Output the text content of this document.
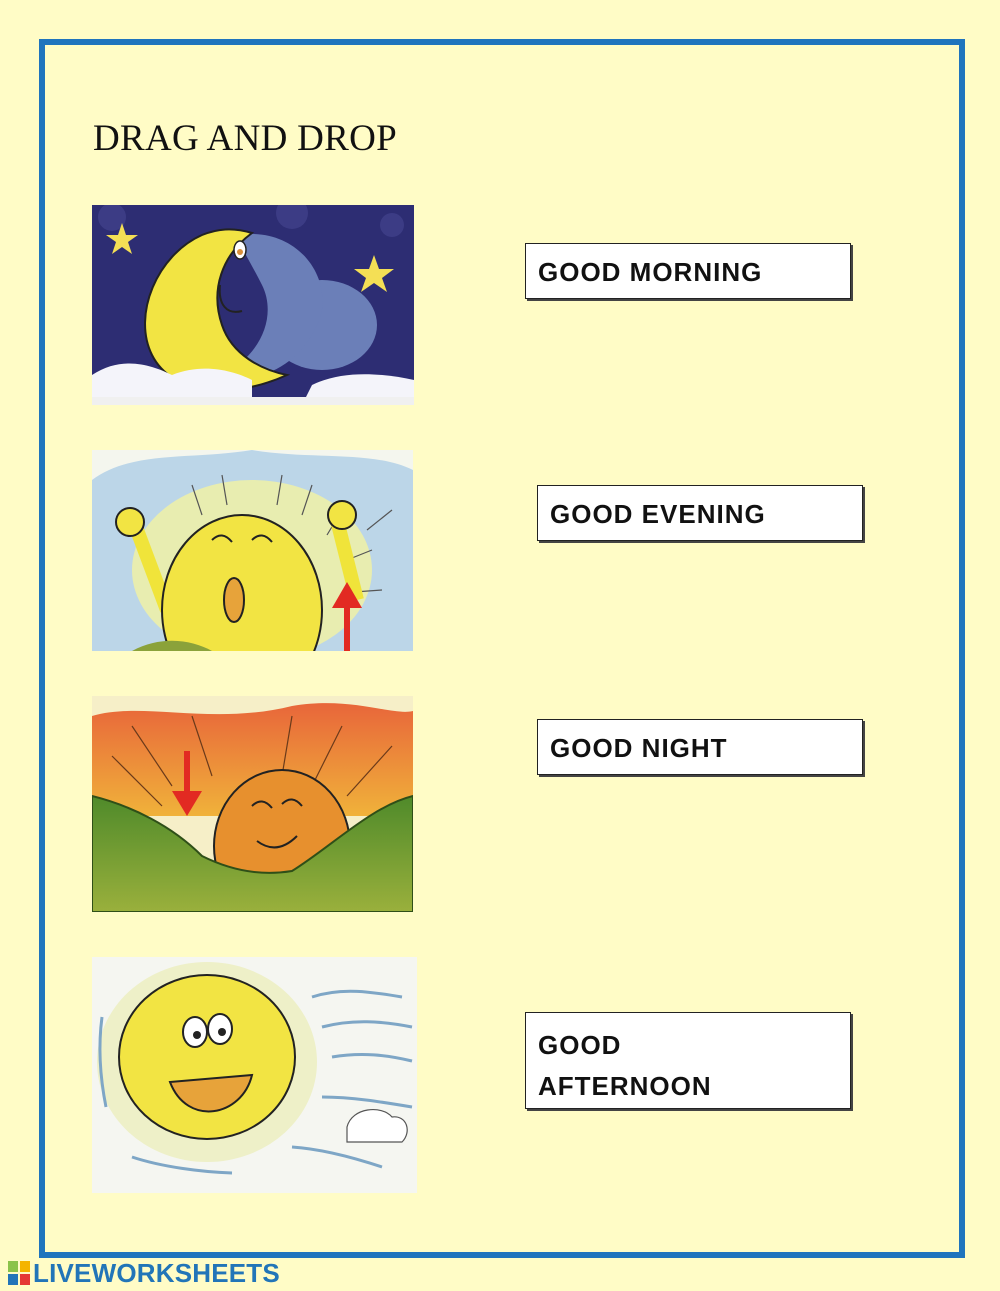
DRAG AND DROP
GOOD MORNING
GOOD EVENING
GOOD NIGHT
GOOD
AFTERNOON
LIVEWORKSHEETS
